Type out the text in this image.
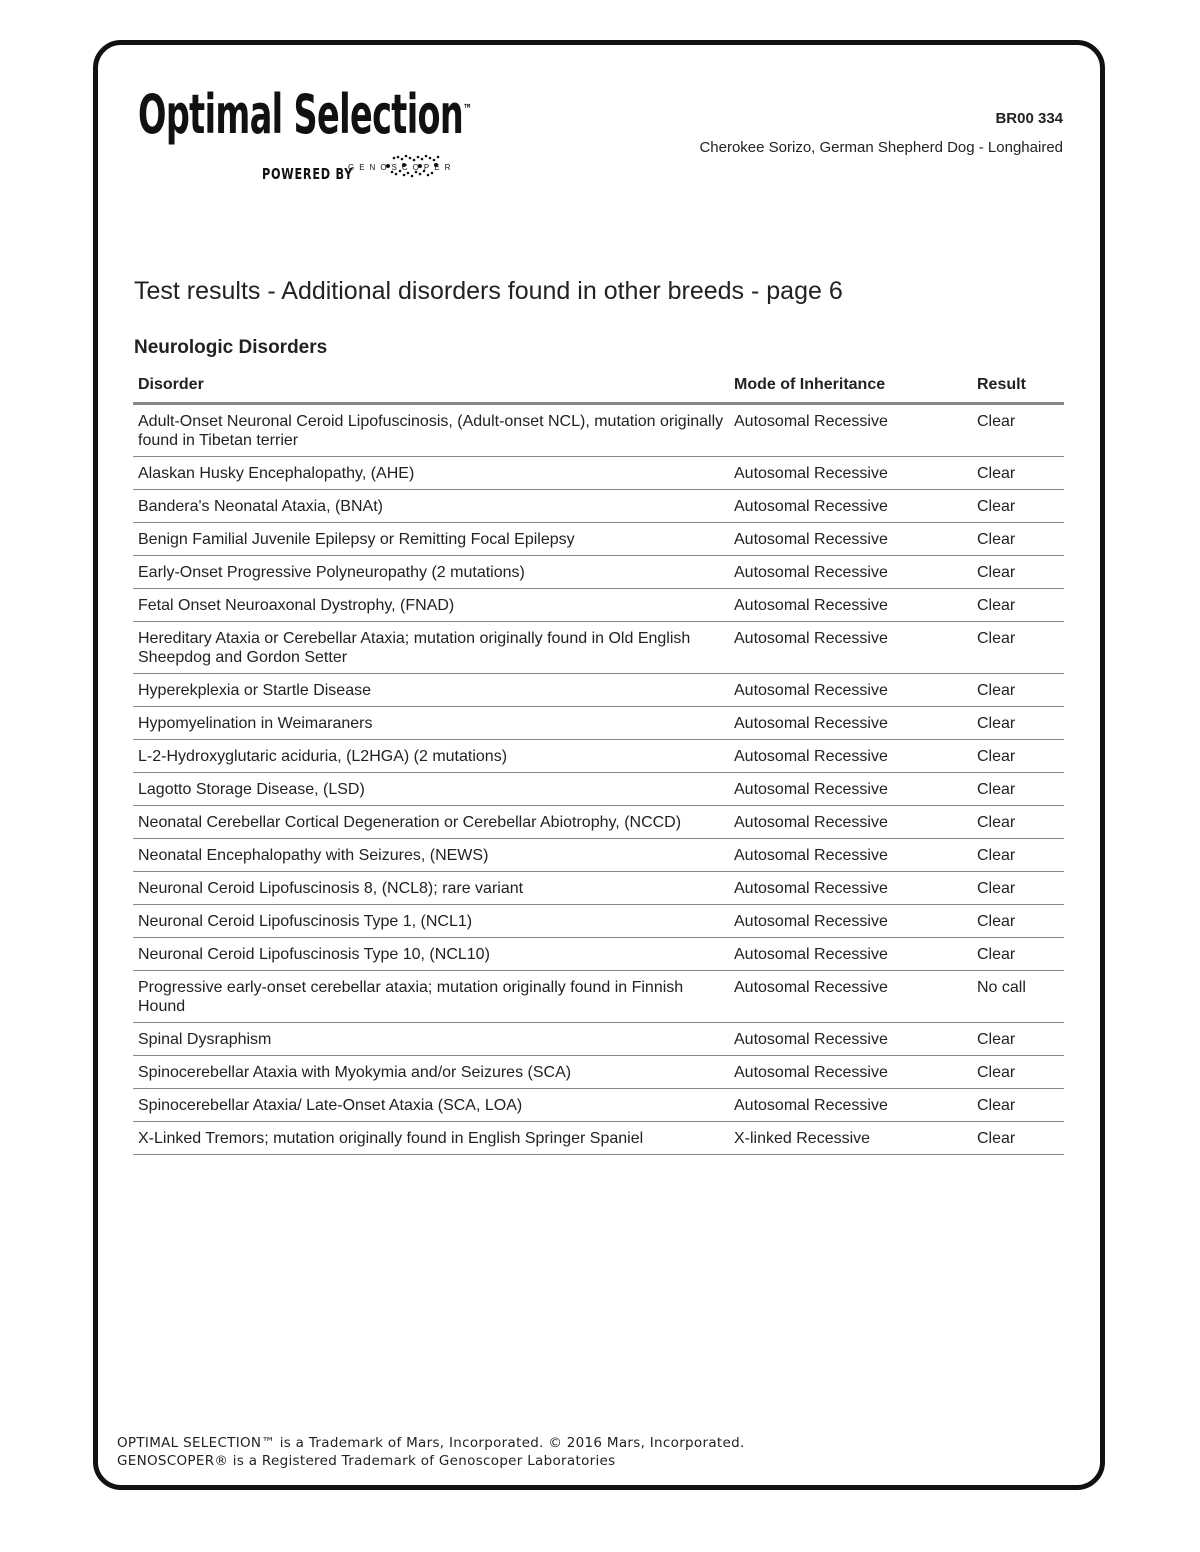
Optimal Selection™
POWERED BY
GENOSCOPER
BR00 334
Cherokee Sorizo, German Shepherd Dog - Longhaired
Test results - Additional disorders found in other breeds - page 6
Neurologic Disorders
Disorder	Mode of Inheritance	Result
Adult-Onset Neuronal Ceroid Lipofuscinosis, (Adult-onset NCL), mutation originally found in Tibetan terrier	Autosomal Recessive	Clear
Alaskan Husky Encephalopathy, (AHE)	Autosomal Recessive	Clear
Bandera's Neonatal Ataxia, (BNAt)	Autosomal Recessive	Clear
Benign Familial Juvenile Epilepsy or Remitting Focal Epilepsy	Autosomal Recessive	Clear
Early-Onset Progressive Polyneuropathy (2 mutations)	Autosomal Recessive	Clear
Fetal Onset Neuroaxonal Dystrophy, (FNAD)	Autosomal Recessive	Clear
Hereditary Ataxia or Cerebellar Ataxia; mutation originally found in Old English Sheepdog and Gordon Setter	Autosomal Recessive	Clear
Hyperekplexia or Startle Disease	Autosomal Recessive	Clear
Hypomyelination in Weimaraners	Autosomal Recessive	Clear
L-2-Hydroxyglutaric aciduria, (L2HGA) (2 mutations)	Autosomal Recessive	Clear
Lagotto Storage Disease, (LSD)	Autosomal Recessive	Clear
Neonatal Cerebellar Cortical Degeneration or Cerebellar Abiotrophy, (NCCD)	Autosomal Recessive	Clear
Neonatal Encephalopathy with Seizures, (NEWS)	Autosomal Recessive	Clear
Neuronal Ceroid Lipofuscinosis 8, (NCL8); rare variant	Autosomal Recessive	Clear
Neuronal Ceroid Lipofuscinosis Type 1, (NCL1)	Autosomal Recessive	Clear
Neuronal Ceroid Lipofuscinosis Type 10, (NCL10)	Autosomal Recessive	Clear
Progressive early-onset cerebellar ataxia; mutation originally found in Finnish Hound	Autosomal Recessive	No call
Spinal Dysraphism	Autosomal Recessive	Clear
Spinocerebellar Ataxia with Myokymia and/or Seizures (SCA)	Autosomal Recessive	Clear
Spinocerebellar Ataxia/ Late-Onset Ataxia (SCA, LOA)	Autosomal Recessive	Clear
X-Linked Tremors; mutation originally found in English Springer Spaniel	X-linked Recessive	Clear
OPTIMAL SELECTION™ is a Trademark of Mars, Incorporated. © 2016 Mars, Incorporated.
GENOSCOPER® is a Registered Trademark of Genoscoper Laboratories
